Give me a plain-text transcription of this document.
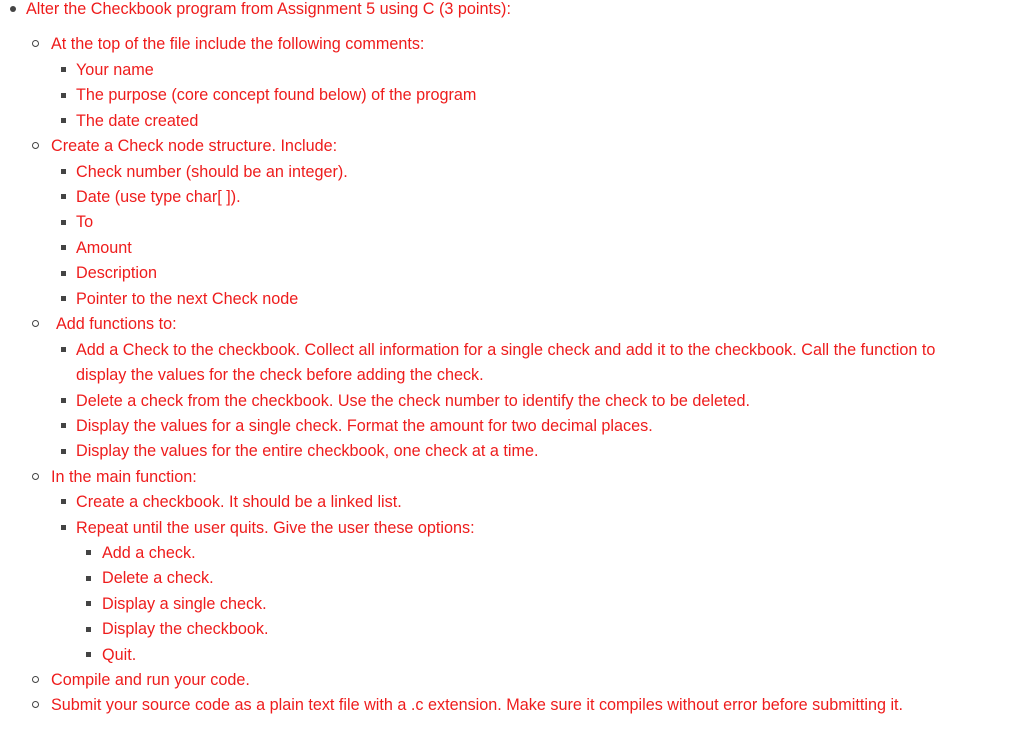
Alter the Checkbook program from Assignment 5 using C (3 points):
At the top of the file include the following comments:
Your name
The purpose (core concept found below) of the program
The date created
Create a Check node structure. Include:
Check number (should be an integer).
Date (use type char[ ]).
To
Amount
Description
Pointer to the next Check node
Add functions to:
Add a Check to the checkbook. Collect all information for a single check and add it to the checkbook. Call the function to
display the values for the check before adding the check.
Delete a check from the checkbook. Use the check number to identify the check to be deleted.
Display the values for a single check. Format the amount for two decimal places.
Display the values for the entire checkbook, one check at a time.
In the main function:
Create a checkbook. It should be a linked list.
Repeat until the user quits. Give the user these options:
Add a check.
Delete a check.
Display a single check.
Display the checkbook.
Quit.
Compile and run your code.
Submit your source code as a plain text file with a .c extension. Make sure it compiles without error before submitting it.
